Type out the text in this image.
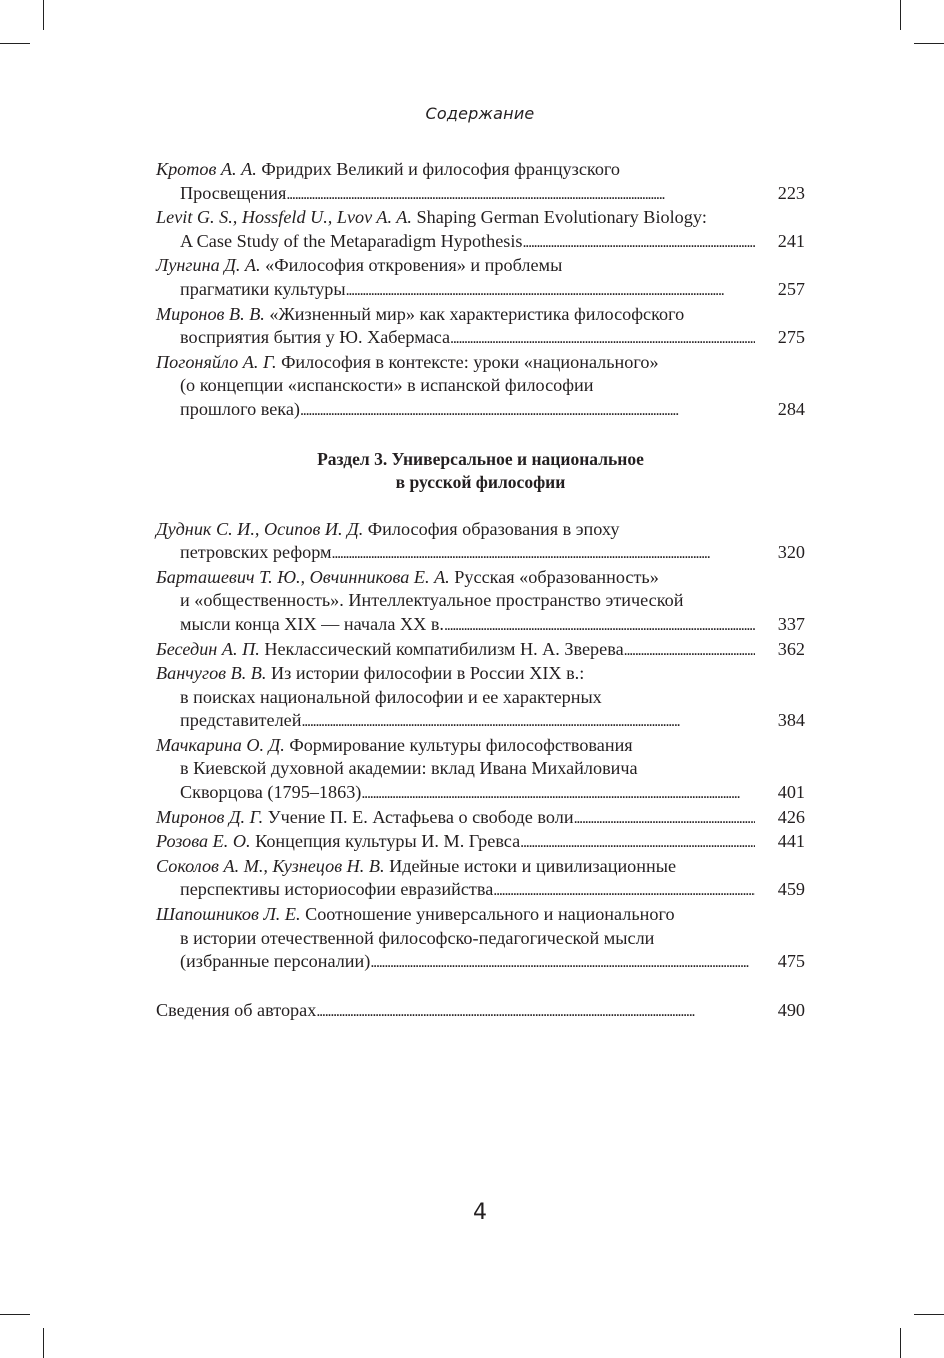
Содержание
Кротов А. А. Фридрих Великий и философия французского
Просвещения . . .	223
Levit G. S., Hossfeld U., Lvov A. A. Shaping German Evolutionary Biology:
A Case Study of the Metaparadigm Hypothesis . . .	241
Лунгина Д. А. «Философия откровения» и проблемы
прагматики культуры . . .	257
Миронов В. В. «Жизненный мир» как характеристика философского
восприятия бытия у Ю. Хабермаса . . .	275
Погоняйло А. Г. Философия в контексте: уроки «национального»
(о концепции «испанскости» в испанской философии
прошлого века) . . .	284
Раздел 3. Универсальное и национальное
в русской философии
Дудник С. И., Осипов И. Д. Философия образования в эпоху
петровских реформ . . .	320
Барташевич Т. Ю., Овчинникова Е. А. Русская «образованность»
и «общественность». Интеллектуальное пространство этической
мысли конца XIX — начала XX в. . . .	337
Беседин А. П. Неклассический компатибилизм Н. А. Зверева . . .	362
Ванчугов В. В. Из истории философии в России XIX в.:
в поисках национальной философии и ее характерных
представителей . . .	384
Мачкарина О. Д. Формирование культуры философствования
в Киевской духовной академии: вклад Ивана Михайловича
Скворцова (1795–1863) . . .	401
Миронов Д. Г. Учение П. Е. Астафьева о свободе воли . . .	426
Розова Е. О. Концепция культуры И. М. Гревса . . .	441
Соколов А. М., Кузнецов Н. В. Идейные истоки и цивилизационные
перспективы историософии евразийства . . .	459
Шапошников Л. Е. Соотношение универсального и национального
в истории отечественной философско-педагогической мысли
(избранные персоналии) . . .	475
Сведения об авторах . . .	490
4
